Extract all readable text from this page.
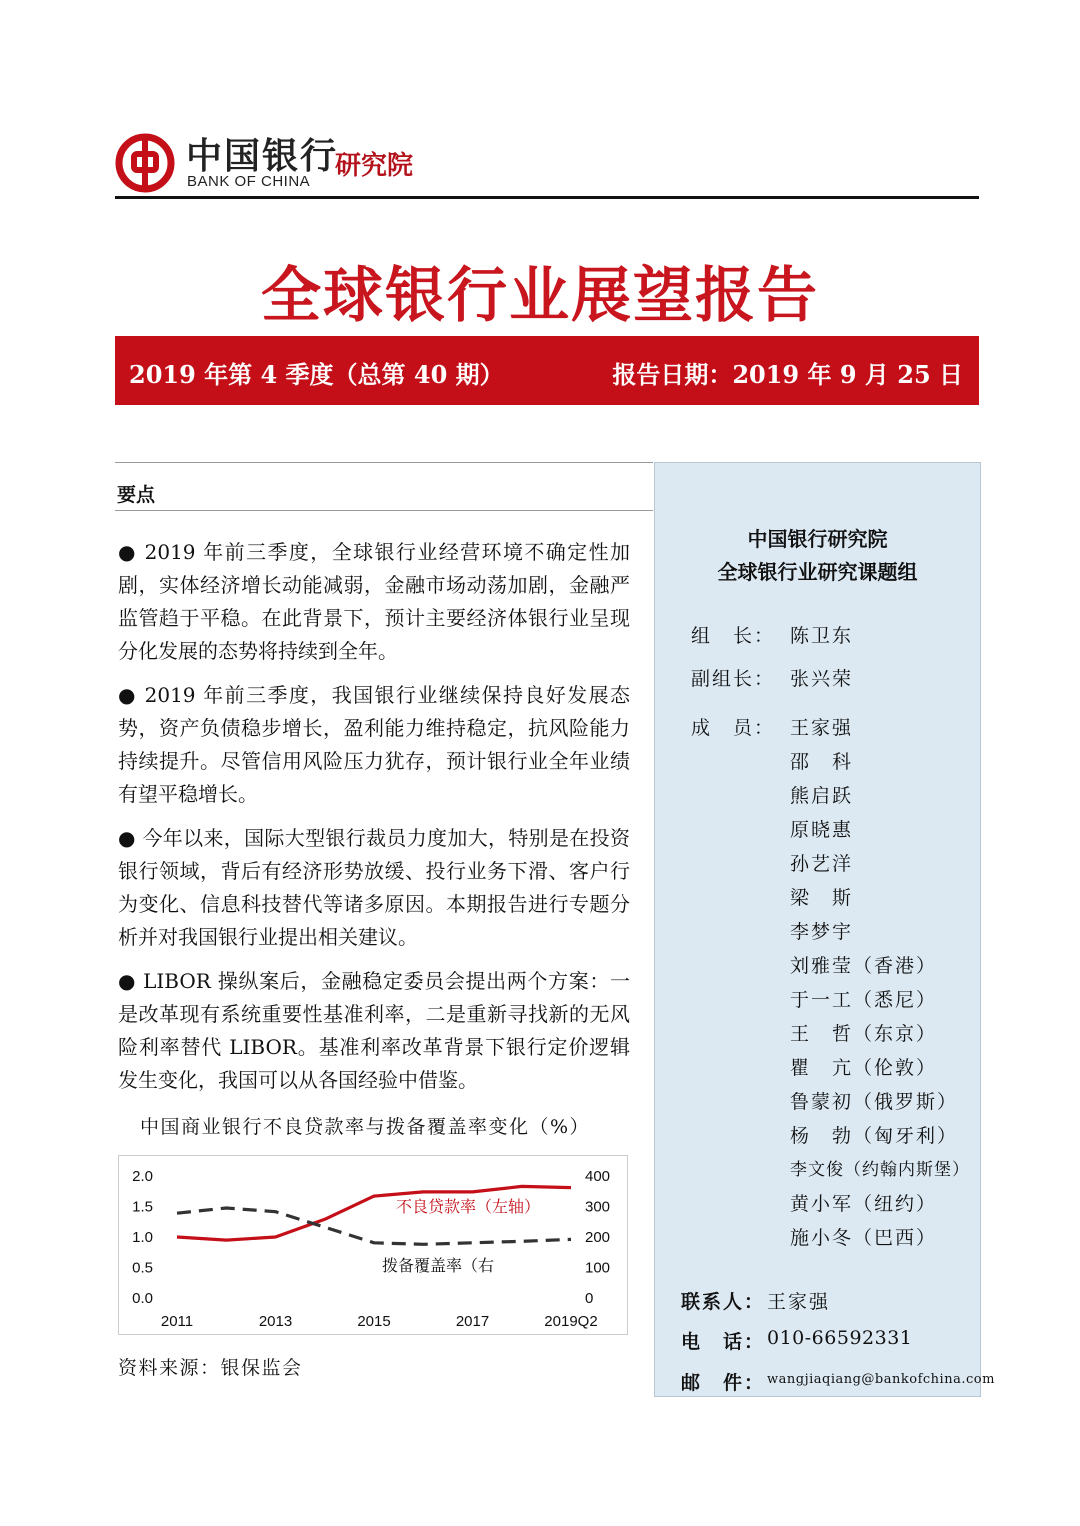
中国银行
BANK OF CHINA
研究院
全球银行业展望报告
2019 年第 4 季度（总第 40 期）	报告日期：2019 年 9 月 25 日
要点

● 2019 年前三季度，全球银行业经营环境不确定性加剧，实体经济增长动能减弱，金融市场动荡加剧，金融严监管趋于平稳。在此背景下，预计主要经济体银行业呈现分化发展的态势将持续到全年。

● 2019 年前三季度，我国银行业继续保持良好发展态势，资产负债稳步增长，盈利能力维持稳定，抗风险能力持续提升。尽管信用风险压力犹存，预计银行业全年业绩有望平稳增长。

● 今年以来，国际大型银行裁员力度加大，特别是在投资银行领域，背后有经济形势放缓、投行业务下滑、客户行为变化、信息科技替代等诸多原因。本期报告进行专题分析并对我国银行业提出相关建议。

● LIBOR 操纵案后，金融稳定委员会提出两个方案：一是改革现有系统重要性基准利率，二是重新寻找新的无风险利率替代 LIBOR。基准利率改革背景下银行定价逻辑发生变化，我国可以从各国经验中借鉴。

中国商业银行不良贷款率与拨备覆盖率变化（%）
2.0
1.5
1.0
0.5
0.0
400
300
200
100
0
2011	2013	2015	2017	2019Q2
不良贷款率（左轴）
拨备覆盖率（右
资料来源：银保监会
中国银行研究院
全球银行业研究课题组
组　长： 陈卫东
副组长： 张兴荣
成　员： 王家强
邵　科
熊启跃
原晓惠
孙艺洋
梁　斯
李梦宇
刘雅莹（香港）
于一工（悉尼）
王　哲（东京）
瞿　亢（伦敦）
鲁蒙初（俄罗斯）
杨　勃（匈牙利）
李文俊（约翰内斯堡）
黄小军（纽约）
施小冬（巴西）
联系人： 王家强
电　话： 010-66592331
邮　件： wangjiaqiang@bankofchina.com
